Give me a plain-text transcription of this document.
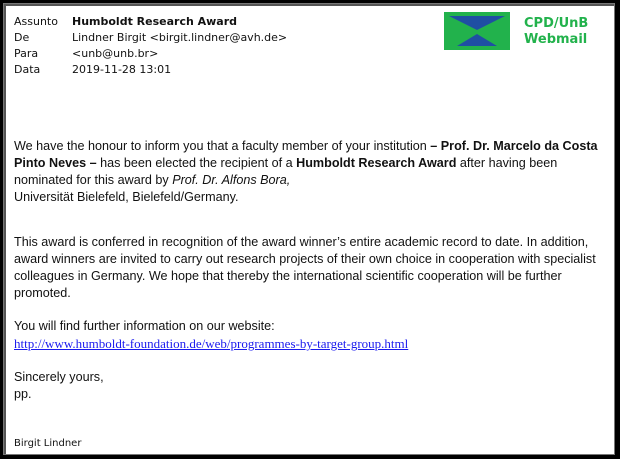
Assunto	Humboldt Research Award
De	Lindner Birgit <birgit.lindner@avh.de>
Para	<unb@unb.br>
Data	2019-11-28 13:01
CPD/UnB
Webmail

We have the honour to inform you that a faculty member of your institution – Prof. Dr. Marcelo da Costa Pinto Neves – has been elected the recipient of a Humboldt Research Award after having been nominated for this award by Prof. Dr. Alfons Bora,
Universität Bielefeld, Bielefeld/Germany.

This award is conferred in recognition of the award winner’s entire academic record to date. In addition, award winners are invited to carry out research projects of their own choice in cooperation with specialist colleagues in Germany. We hope that thereby the international scientific cooperation will be further promoted.

You will find further information on our website:
http://www.humboldt-foundation.de/web/programmes-by-target-group.html

Sincerely yours,
pp.

Birgit Lindner
